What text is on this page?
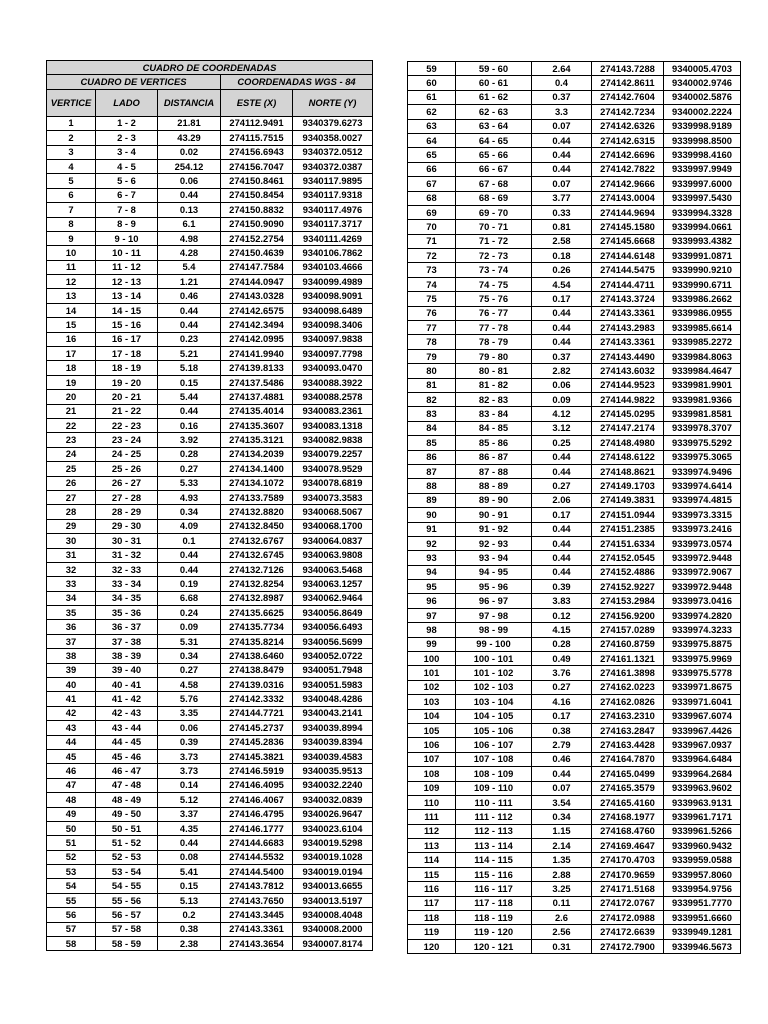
CUADRO DE COORDENADAS				
CUADRO DE VERTICES			COORDENADAS WGS - 84	
VERTICE	LADO	DISTANCIA	ESTE (X)	NORTE (Y)
1	1 - 2	21.81	274112.9491	9340379.6273
2	2 - 3	43.29	274115.7515	9340358.0027
3	3 - 4	0.02	274156.6943	9340372.0512
4	4 - 5	254.12	274156.7047	9340372.0387
5	5 - 6	0.06	274150.8461	9340117.9895
6	6 - 7	0.44	274150.8454	9340117.9318
7	7 - 8	0.13	274150.8832	9340117.4976
8	8 - 9	6.1	274150.9090	9340117.3717
9	9 - 10	4.98	274152.2754	9340111.4269
10	10 - 11	4.28	274150.4639	9340106.7862
11	11 - 12	5.4	274147.7584	9340103.4666
12	12 - 13	1.21	274144.0947	9340099.4989
13	13 - 14	0.46	274143.0328	9340098.9091
14	14 - 15	0.44	274142.6575	9340098.6489
15	15 - 16	0.44	274142.3494	9340098.3406
16	16 - 17	0.23	274142.0995	9340097.9838
17	17 - 18	5.21	274141.9940	9340097.7798
18	18 - 19	5.18	274139.8133	9340093.0470
19	19 - 20	0.15	274137.5486	9340088.3922
20	20 - 21	5.44	274137.4881	9340088.2578
21	21 - 22	0.44	274135.4014	9340083.2361
22	22 - 23	0.16	274135.3607	9340083.1318
23	23 - 24	3.92	274135.3121	9340082.9838
24	24 - 25	0.28	274134.2039	9340079.2257
25	25 - 26	0.27	274134.1400	9340078.9529
26	26 - 27	5.33	274134.1072	9340078.6819
27	27 - 28	4.93	274133.7589	9340073.3583
28	28 - 29	0.34	274132.8820	9340068.5067
29	29 - 30	4.09	274132.8450	9340068.1700
30	30 - 31	0.1	274132.6767	9340064.0837
31	31 - 32	0.44	274132.6745	9340063.9808
32	32 - 33	0.44	274132.7126	9340063.5468
33	33 - 34	0.19	274132.8254	9340063.1257
34	34 - 35	6.68	274132.8987	9340062.9464
35	35 - 36	0.24	274135.6625	9340056.8649
36	36 - 37	0.09	274135.7734	9340056.6493
37	37 - 38	5.31	274135.8214	9340056.5699
38	38 - 39	0.34	274138.6460	9340052.0722
39	39 - 40	0.27	274138.8479	9340051.7948
40	40 - 41	4.58	274139.0316	9340051.5983
41	41 - 42	5.76	274142.3332	9340048.4286
42	42 - 43	3.35	274144.7721	9340043.2141
43	43 - 44	0.06	274145.2737	9340039.8994
44	44 - 45	0.39	274145.2836	9340039.8394
45	45 - 46	3.73	274145.3821	9340039.4583
46	46 - 47	3.73	274146.5919	9340035.9513
47	47 - 48	0.14	274146.4095	9340032.2240
48	48 - 49	5.12	274146.4067	9340032.0839
49	49 - 50	3.37	274146.4795	9340026.9647
50	50 - 51	4.35	274146.1777	9340023.6104
51	51 - 52	0.44	274144.6683	9340019.5298
52	52 - 53	0.08	274144.5532	9340019.1028
53	53 - 54	5.41	274144.5400	9340019.0194
54	54 - 55	0.15	274143.7812	9340013.6655
55	55 - 56	5.13	274143.7650	9340013.5197
56	56 - 57	0.2	274143.3445	9340008.4048
57	57 - 58	0.38	274143.3361	9340008.2000
58	58 - 59	2.38	274143.3654	9340007.8174
59	59 - 60	2.64	274143.7288	9340005.4703
60	60 - 61	0.4	274142.8611	9340002.9746
61	61 - 62	0.37	274142.7604	9340002.5876
62	62 - 63	3.3	274142.7234	9340002.2224
63	63 - 64	0.07	274142.6326	9339998.9189
64	64 - 65	0.44	274142.6315	9339998.8500
65	65 - 66	0.44	274142.6696	9339998.4160
66	66 - 67	0.44	274142.7822	9339997.9949
67	67 - 68	0.07	274142.9666	9339997.6000
68	68 - 69	3.77	274143.0004	9339997.5430
69	69 - 70	0.33	274144.9694	9339994.3328
70	70 - 71	0.81	274145.1580	9339994.0661
71	71 - 72	2.58	274145.6668	9339993.4382
72	72 - 73	0.18	274144.6148	9339991.0871
73	73 - 74	0.26	274144.5475	9339990.9210
74	74 - 75	4.54	274144.4711	9339990.6711
75	75 - 76	0.17	274143.3724	9339986.2662
76	76 - 77	0.44	274143.3361	9339986.0955
77	77 - 78	0.44	274143.2983	9339985.6614
78	78 - 79	0.44	274143.3361	9339985.2272
79	79 - 80	0.37	274143.4490	9339984.8063
80	80 - 81	2.82	274143.6032	9339984.4647
81	81 - 82	0.06	274144.9523	9339981.9901
82	82 - 83	0.09	274144.9822	9339981.9366
83	83 - 84	4.12	274145.0295	9339981.8581
84	84 - 85	3.12	274147.2174	9339978.3707
85	85 - 86	0.25	274148.4980	9339975.5292
86	86 - 87	0.44	274148.6122	9339975.3065
87	87 - 88	0.44	274148.8621	9339974.9496
88	88 - 89	0.27	274149.1703	9339974.6414
89	89 - 90	2.06	274149.3831	9339974.4815
90	90 - 91	0.17	274151.0944	9339973.3315
91	91 - 92	0.44	274151.2385	9339973.2416
92	92 - 93	0.44	274151.6334	9339973.0574
93	93 - 94	0.44	274152.0545	9339972.9448
94	94 - 95	0.44	274152.4886	9339972.9067
95	95 - 96	0.39	274152.9227	9339972.9448
96	96 - 97	3.83	274153.2984	9339973.0416
97	97 - 98	0.12	274156.9200	9339974.2820
98	98 - 99	4.15	274157.0289	9339974.3233
99	99 - 100	0.28	274160.8759	9339975.8875
100	100 - 101	0.49	274161.1321	9339975.9969
101	101 - 102	3.76	274161.3898	9339975.5778
102	102 - 103	0.27	274162.0223	9339971.8675
103	103 - 104	4.16	274162.0826	9339971.6041
104	104 - 105	0.17	274163.2310	9339967.6074
105	105 - 106	0.38	274163.2847	9339967.4426
106	106 - 107	2.79	274163.4428	9339967.0937
107	107 - 108	0.46	274164.7870	9339964.6484
108	108 - 109	0.44	274165.0499	9339964.2684
109	109 - 110	0.07	274165.3579	9339963.9602
110	110 - 111	3.54	274165.4160	9339963.9131
111	111 - 112	0.34	274168.1977	9339961.7171
112	112 - 113	1.15	274168.4760	9339961.5266
113	113 - 114	2.14	274169.4647	9339960.9432
114	114 - 115	1.35	274170.4703	9339959.0588
115	115 - 116	2.88	274170.9659	9339957.8060
116	116 - 117	3.25	274171.5168	9339954.9756
117	117 - 118	0.11	274172.0767	9339951.7770
118	118 - 119	2.6	274172.0988	9339951.6660
119	119 - 120	2.56	274172.6639	9339949.1281
120	120 - 121	0.31	274172.7900	9339946.5673
